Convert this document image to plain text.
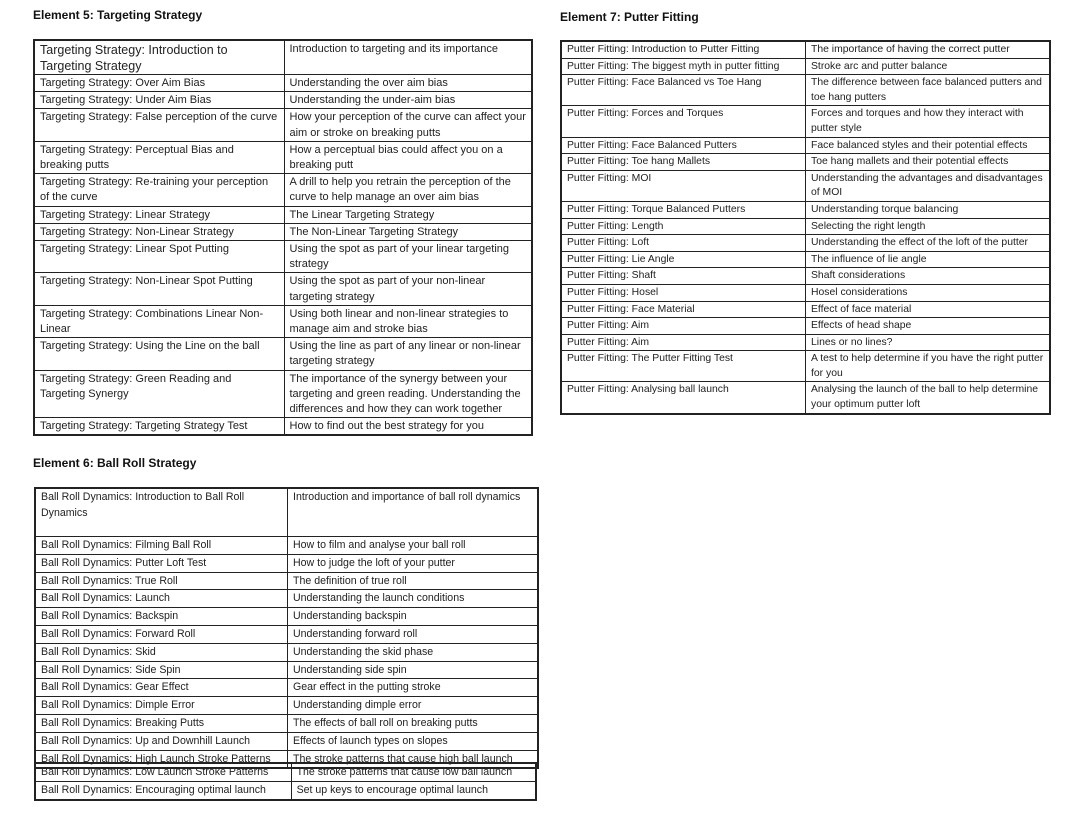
Element 5: Targeting Strategy
Targeting Strategy: Introduction to Targeting Strategy	Introduction to targeting and its importance
Targeting Strategy: Over Aim Bias	Understanding the over aim bias
Targeting Strategy: Under Aim Bias	Understanding the under-aim bias
Targeting Strategy: False perception of the curve	How your perception of the curve can affect your aim or stroke on breaking putts
Targeting Strategy: Perceptual Bias and breaking putts	How a perceptual bias could affect you on a breaking putt
Targeting Strategy: Re-training your perception of the curve	A drill to help you retrain the perception of the curve to help manage an over aim bias
Targeting Strategy: Linear Strategy	The Linear Targeting Strategy
Targeting Strategy: Non-Linear Strategy	The Non-Linear Targeting Strategy
Targeting Strategy: Linear Spot Putting	Using the spot as part of your linear targeting strategy
Targeting Strategy: Non-Linear Spot Putting	Using the spot as part of your non-linear targeting strategy
Targeting Strategy: Combinations Linear Non-Linear	Using both linear and non-linear strategies to manage aim and stroke bias
Targeting Strategy: Using the Line on the ball	Using the line as part of any linear or non-linear targeting strategy
Targeting Strategy: Green Reading and Targeting Synergy	The importance of the synergy between your targeting and green reading. Understanding the differences and how they can work together
Targeting Strategy: Targeting Strategy Test	How to find out the best strategy for you
Element 7: Putter Fitting
Putter Fitting: Introduction to Putter Fitting	The importance of having the correct putter
Putter Fitting: The biggest myth in putter fitting	Stroke arc and putter balance
Putter Fitting: Face Balanced vs Toe Hang	The difference between face balanced putters and toe hang putters
Putter Fitting: Forces and Torques	Forces and torques and how they interact with putter style
Putter Fitting: Face Balanced Putters	Face balanced styles and their potential effects
Putter Fitting: Toe hang Mallets	Toe hang mallets and their potential effects
Putter Fitting: MOI	Understanding the advantages and disadvantages of MOI
Putter Fitting: Torque Balanced Putters	Understanding torque balancing
Putter Fitting: Length	Selecting the right length
Putter Fitting: Loft	Understanding the effect of the loft of the putter
Putter Fitting: Lie Angle	The influence of lie angle
Putter Fitting: Shaft	Shaft considerations
Putter Fitting: Hosel	Hosel considerations
Putter Fitting: Face Material	Effect of face material
Putter Fitting: Aim	Effects of head shape
Putter Fitting: Aim	Lines or no lines?
Putter Fitting: The Putter Fitting Test	A test to help determine if you have the right putter for you
Putter Fitting: Analysing ball launch	Analysing the launch of the ball to help determine your optimum putter loft
Element 6: Ball Roll Strategy
Ball Roll Dynamics: Introduction to Ball Roll Dynamics	Introduction and importance of ball roll dynamics
Ball Roll Dynamics: Filming Ball Roll	How to film and analyse your ball roll
Ball Roll Dynamics: Putter Loft Test	How to judge the loft of your putter
Ball Roll Dynamics: True Roll	The definition of true roll
Ball Roll Dynamics: Launch	Understanding the launch conditions
Ball Roll Dynamics: Backspin	Understanding backspin
Ball Roll Dynamics: Forward Roll	Understanding forward roll
Ball Roll Dynamics: Skid	Understanding the skid phase
Ball Roll Dynamics: Side Spin	Understanding side spin
Ball Roll Dynamics: Gear Effect	Gear effect in the putting stroke
Ball Roll Dynamics: Dimple Error	Understanding dimple error
Ball Roll Dynamics: Breaking Putts	The effects of ball roll on breaking putts
Ball Roll Dynamics: Up and Downhill Launch	Effects of launch types on slopes
Ball Roll Dynamics: High Launch Stroke Patterns	The stroke patterns that cause high ball launch
Ball Roll Dynamics: Low Launch Stroke Patterns	The stroke patterns that cause low ball launch
Ball Roll Dynamics: Encouraging optimal launch	Set up keys to encourage optimal launch
